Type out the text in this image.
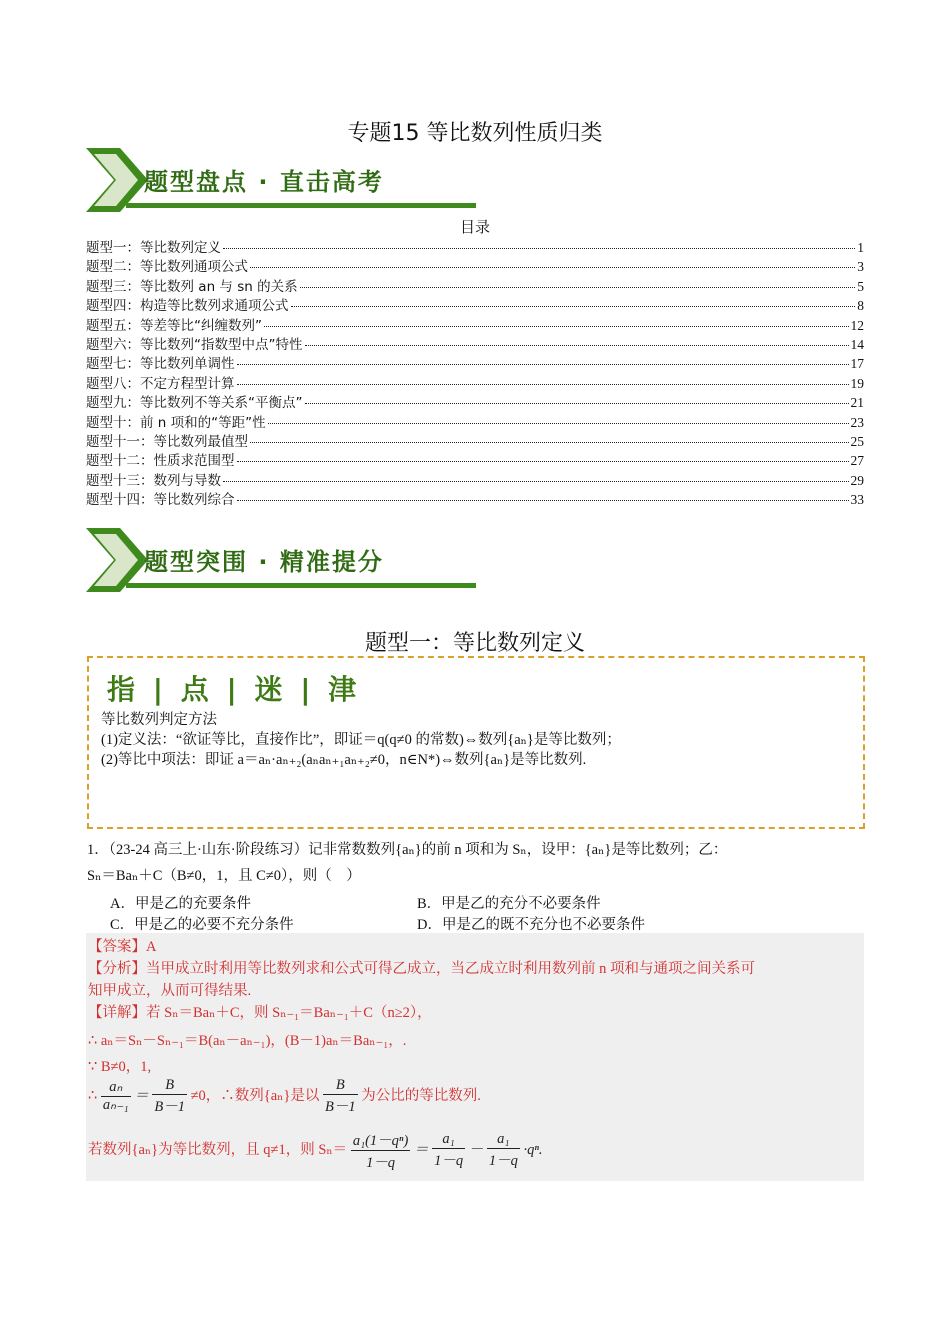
专题15 等比数列性质归类
题型盘点 · 直击高考
目录
题型一：等比数列定义	1
题型二：等比数列通项公式	3
题型三：等比数列 an 与 sn 的关系	5
题型四：构造等比数列求通项公式	8
题型五：等差等比“纠缠数列”	12
题型六：等比数列“指数型中点”特性	14
题型七：等比数列单调性	17
题型八：不定方程型计算	19
题型九：等比数列不等关系“平衡点”	21
题型十：前 n 项和的“等距”性	23
题型十一：等比数列最值型	25
题型十二：性质求范围型	27
题型十三：数列与导数	29
题型十四：等比数列综合	33
题型突围 · 精准提分
题型一：等比数列定义
指 | 点 | 迷 | 津
等比数列判定方法
(1)定义法：“欲证等比，直接作比”，即证＝q(q≠0 的常数)⇔数列{aₙ}是等比数列；
(2)等比中项法：即证 a＝aₙ·aₙ₊₂(aₙaₙ₊₁aₙ₊₂≠0，n∈N*)⇔数列{aₙ}是等比数列.
1．（23-24 高三上·山东·阶段练习）记非常数数列{aₙ}的前 n 项和为 Sₙ，设甲：{aₙ}是等比数列；乙：
Sₙ＝Baₙ＋C（B≠0，1，且 C≠0），则（　）
A．甲是乙的充要条件	B．甲是乙的充分不必要条件
C．甲是乙的必要不充分条件	D．甲是乙的既不充分也不必要条件
【答案】A
【分析】当甲成立时利用等比数列求和公式可得乙成立，当乙成立时利用数列前 n 项和与通项之间关系可
知甲成立，从而可得结果.
【详解】若 Sₙ＝Baₙ＋C，则 Sₙ₋₁＝Baₙ₋₁＋C（n≥2），
∴ aₙ＝Sₙ－Sₙ₋₁＝B(aₙ－aₙ₋₁)，(B－1)aₙ＝Baₙ₋₁，.
∵ B≠0，1,
∴ $\frac{\text{aₙ}}{\text{aₙ₋₁}} = \frac{B}{B-1} \ne 0$，∴数列{aₙ}是以 $\frac{B}{B-1}$ 为公比的等比数列.
若数列{aₙ}为等比数列，且 q≠1，则 $S_n= \frac{\text{a₁(1－qⁿ)}}{1-q} = \frac{\text{a₁}}{1-q} - \frac{\text{a₁}}{1-q} \cdot q^n$.
